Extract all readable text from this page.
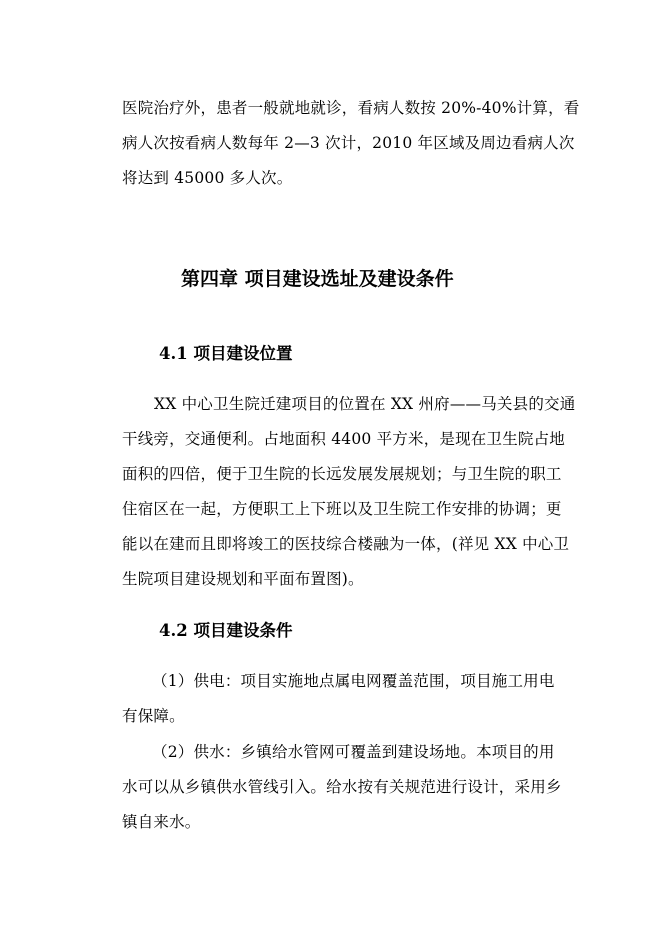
医院治疗外，患者一般就地就诊，看病人数按 20%-40%计算，看
病人次按看病人数每年 2—3 次计，2010 年区域及周边看病人次
将达到 45000 多人次。
第四章 项目建设选址及建设条件
4.1 项目建设位置
XX 中心卫生院迁建项目的位置在 XX 州府——马关县的交通
干线旁，交通便利。占地面积 4400 平方米，是现在卫生院占地
面积的四倍，便于卫生院的长远发展发展规划；与卫生院的职工
住宿区在一起，方便职工上下班以及卫生院工作安排的协调；更
能以在建而且即将竣工的医技综合楼融为一体，(祥见 XX 中心卫
生院项目建设规划和平面布置图)。
4.2 项目建设条件
（1）供电：项目实施地点属电网覆盖范围，项目施工用电
有保障。
（2）供水：乡镇给水管网可覆盖到建设场地。本项目的用
水可以从乡镇供水管线引入。给水按有关规范进行设计，采用乡
镇自来水。
